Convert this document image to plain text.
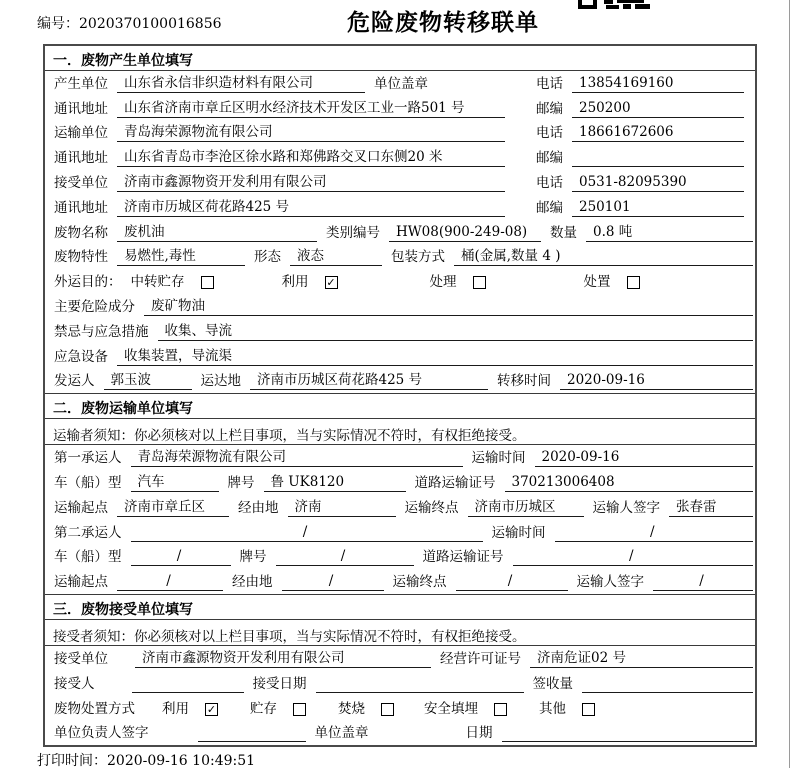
编号：2020370100016856	危险废物转移联单
一．废物产生单位填写
产生单位	山东省永信非织造材料有限公司	单位盖章	电话	13854169160
通讯地址	山东省济南市章丘区明水经济技术开发区工业一路501 号	邮编	250200
运输单位	青岛海荣源物流有限公司	电话	18661672606
通讯地址	山东省青岛市李沧区徐水路和郑佛路交叉口东侧20 米	邮编
接受单位	济南市鑫源物资开发利用有限公司	电话	0531-82095390
通讯地址	济南市历城区荷花路425 号	邮编	250101
废物名称	废机油	类别编号	HW08(900-249-08)	数量	0.8 吨
废物特性	易燃性,毒性	形态	液态	包装方式	桶(金属,数量 4 )
外运目的： 中转贮存	利用 ✓	处理	处置
主要危险成分	废矿物油
禁忌与应急措施	收集、导流
应急设备	收集装置，导流渠
发运人	郭玉波	运达地	济南市历城区荷花路425 号	转移时间	2020-09-16
二．废物运输单位填写
运输者须知：你必须核对以上栏目事项，当与实际情况不符时，有权拒绝接受。
第一承运人	青岛海荣源物流有限公司	运输时间	2020-09-16
车（船）型	汽车	牌号	鲁 UK8120	道路运输证号	370213006408
运输起点	济南市章丘区	经由地	济南	运输终点	济南市历城区	运输人签字	张春雷
第二承运人	/	运输时间	/
车（船）型	/	牌号	/	道路运输证号	/
运输起点	/	经由地	/	运输终点	/	运输人签字	/
三．废物接受单位填写
接受者须知：你必须核对以上栏目事项，当与实际情况不符时，有权拒绝接受。
接受单位	济南市鑫源物资开发利用有限公司	经营许可证号	济南危证02 号
接受人	接受日期	签收量
废物处置方式 利用 ✓	贮存	焚烧	安全填埋	其他
单位负责人签字	单位盖章	日期
打印时间：2020-09-16 10:49:51
